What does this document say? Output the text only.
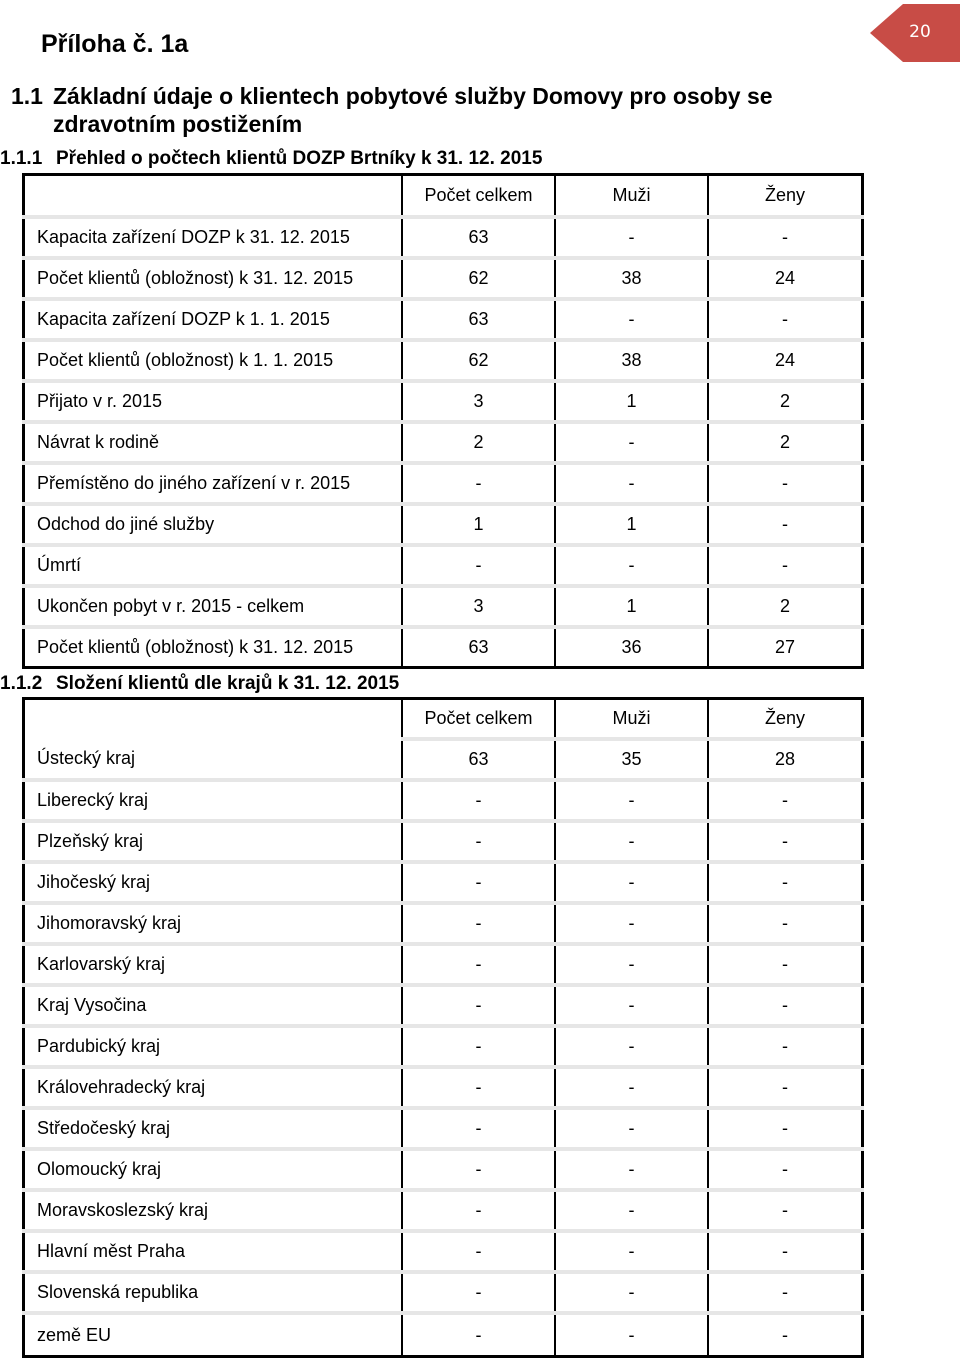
20
Příloha č. 1a
1.1 Základní údaje o klientech pobytové služby Domovy pro osoby se
zdravotním postižením
1.1.1 Přehled o počtech klientů DOZP Brtníky k 31. 12. 2015
	Počet celkem	Muži	Ženy
Kapacita zařízení DOZP k 31. 12. 2015	63	-	-
Počet klientů (obložnost) k 31. 12. 2015	62	38	24
Kapacita zařízení DOZP k 1. 1. 2015	63	-	-
Počet klientů (obložnost) k 1. 1. 2015	62	38	24
Přijato v r. 2015	3	1	2
Návrat k rodině	2	-	2
Přemístěno do jiného zařízení v r. 2015	-	-	-
Odchod do jiné služby	1	1	-
Úmrtí	-	-	-
Ukončen pobyt v r. 2015 - celkem	3	1	2
Počet klientů (obložnost) k 31. 12. 2015	63	36	27
1.1.2 Složení klientů dle krajů k 31. 12. 2015
	Počet celkem	Muži	Ženy
Ústecký kraj	63	35	28
Liberecký kraj	-	-	-
Plzeňský kraj	-	-	-
Jihočeský kraj	-	-	-
Jihomoravský kraj	-	-	-
Karlovarský kraj	-	-	-
Kraj Vysočina	-	-	-
Pardubický kraj	-	-	-
Královehradecký kraj	-	-	-
Středočeský kraj	-	-	-
Olomoucký kraj	-	-	-
Moravskoslezský kraj	-	-	-
Hlavní měst Praha	-	-	-
Slovenská republika	-	-	-
země EU	-	-	-
